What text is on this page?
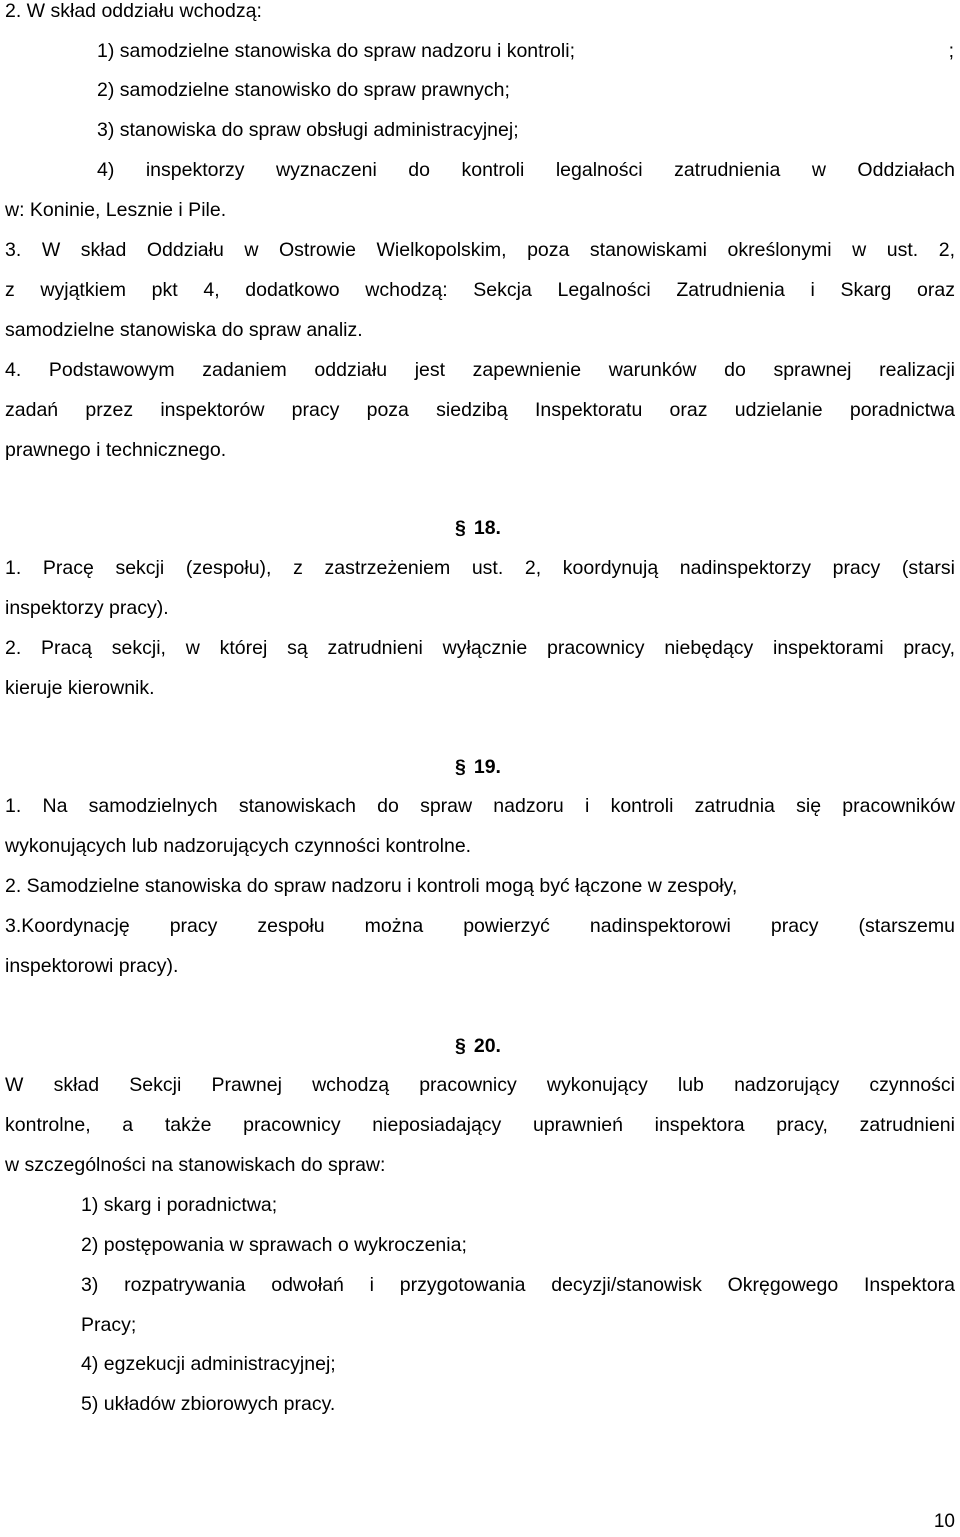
2. W skład oddziału wchodzą:
1) samodzielne stanowiska do spraw nadzoru i kontroli;	;
2) samodzielne stanowisko do spraw prawnych;
3) stanowiska do spraw obsługi administracyjnej;
4) inspektorzy wyznaczeni do kontroli legalności zatrudnienia w Oddziałach
w: Koninie, Lesznie i Pile.
3. W skład Oddziału w Ostrowie Wielkopolskim, poza stanowiskami określonymi w ust. 2,
z wyjątkiem pkt 4, dodatkowo wchodzą: Sekcja Legalności Zatrudnienia i Skarg oraz
samodzielne stanowiska do spraw analiz.
4. Podstawowym zadaniem oddziału jest zapewnienie warunków do sprawnej realizacji
zadań przez inspektorów pracy poza siedzibą Inspektoratu oraz udzielanie poradnictwa
prawnego i technicznego.
§ 18.
1. Pracę sekcji (zespołu), z zastrzeżeniem ust. 2, koordynują nadinspektorzy pracy (starsi
inspektorzy pracy).
2. Pracą sekcji, w której są zatrudnieni wyłącznie pracownicy niebędący inspektorami pracy,
kieruje kierownik.
§ 19.
1. Na samodzielnych stanowiskach do spraw nadzoru i kontroli zatrudnia się pracowników
wykonujących lub nadzorujących czynności kontrolne.
2. Samodzielne stanowiska do spraw nadzoru i kontroli mogą być łączone w zespoły,
3.Koordynację pracy zespołu można powierzyć nadinspektorowi pracy (starszemu
inspektorowi pracy).
§ 20.
W skład Sekcji Prawnej wchodzą pracownicy wykonujący lub nadzorujący czynności
kontrolne, a także pracownicy nieposiadający uprawnień inspektora pracy, zatrudnieni
w szczególności na stanowiskach do spraw:
1) skarg i poradnictwa;
2) postępowania w sprawach o wykroczenia;
3) rozpatrywania odwołań i przygotowania decyzji/stanowisk Okręgowego Inspektora
Pracy;
4) egzekucji administracyjnej;
5) układów zbiorowych pracy.
10
